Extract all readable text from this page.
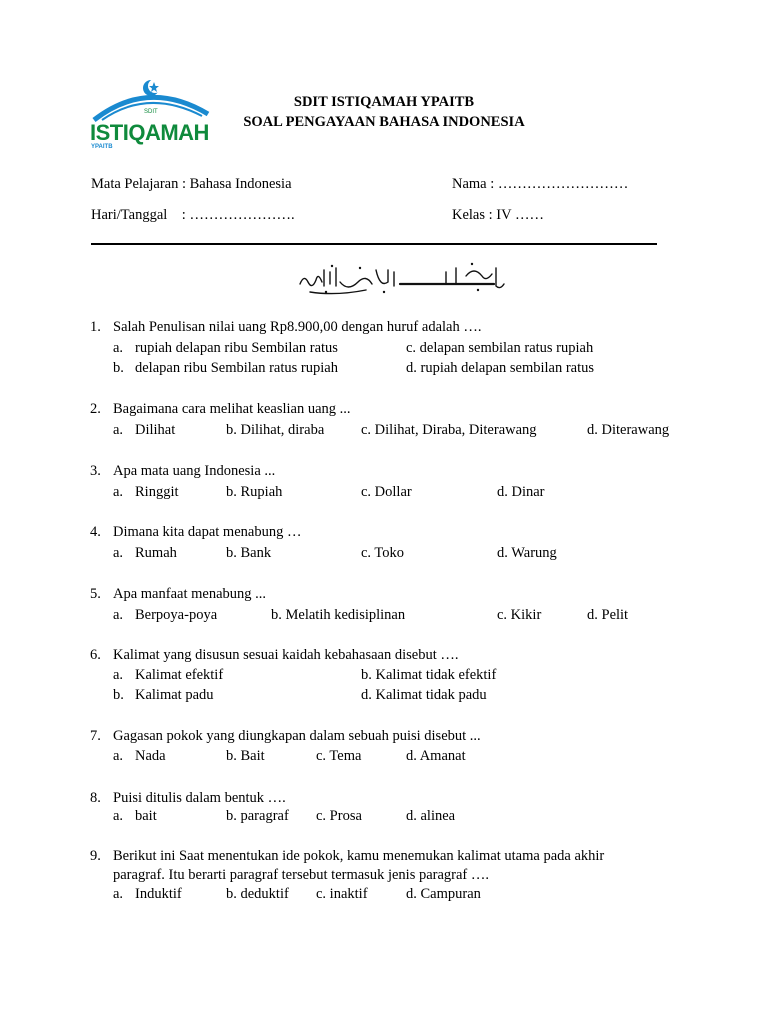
SDIT
ISTIQAMAH
YPAITB
SDIT ISTIQAMAH YPAITB
SOAL PENGAYAAN BAHASA INDONESIA
Mata Pelajaran : Bahasa Indonesia	Nama : ………………………
Hari/Tanggal    : ………………….	Kelas : IV ……
1. Salah Penulisan nilai uang Rp8.900,00 dengan huruf adalah ….
a. rupiah delapan ribu Sembilan ratus	c. delapan sembilan ratus rupiah
b. delapan ribu Sembilan ratus rupiah	d. rupiah delapan sembilan ratus
2. Bagaimana cara melihat keaslian uang ...
a. Dilihat	b. Dilihat, diraba	c. Dilihat, Diraba, Diterawang	d. Diterawang
3. Apa mata uang Indonesia ...
a. Ringgit	b. Rupiah	c. Dollar	d. Dinar
4. Dimana kita dapat menabung …
a. Rumah	b. Bank	c. Toko	d. Warung
5. Apa manfaat menabung ...
a. Berpoya-poya	b. Melatih kedisiplinan	c. Kikir	d. Pelit
6. Kalimat yang disusun sesuai kaidah kebahasaan disebut ….
a. Kalimat efektif	b. Kalimat tidak efektif
b. Kalimat padu	d. Kalimat tidak padu
7. Gagasan pokok yang diungkapan dalam sebuah puisi disebut ...
a. Nada	b. Bait	c. Tema	d. Amanat
8. Puisi ditulis dalam bentuk ….
a. bait	b. paragraf c. Prosa	d. alinea
9. Berikut ini Saat menentukan ide pokok, kamu menemukan kalimat utama pada akhir
paragraf. Itu berarti paragraf tersebut termasuk jenis paragraf ….
a. Induktif	b. deduktif c. inaktif	d. Campuran
